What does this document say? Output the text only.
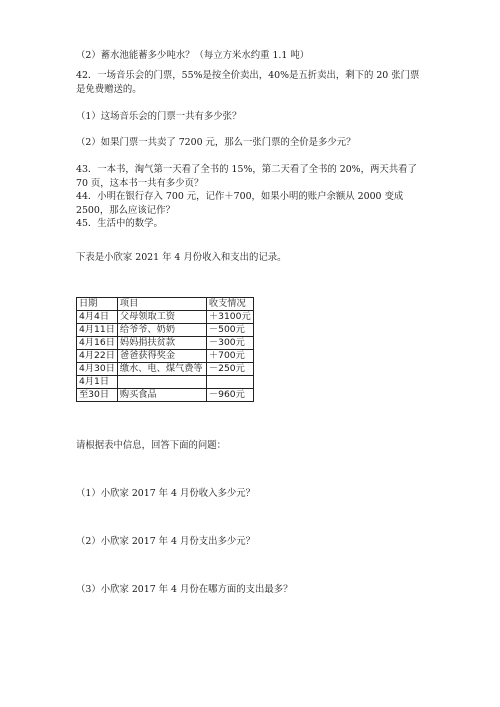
（2）蓄水池能蓄多少吨水？（每立方米水约重 1.1 吨）
42．一场音乐会的门票，55%是按全价卖出，40%是五折卖出，剩下的 20 张门票
是免费赠送的。
（1）这场音乐会的门票一共有多少张？
（2）如果门票一共卖了 7200 元，那么一张门票的全价是多少元？
43．一本书，淘气第一天看了全书的 15%，第二天看了全书的 20%，两天共看了
70 页，这本书一共有多少页？
44．小明在银行存入 700 元，记作＋700，如果小明的账户余额从 2000 变成
2500，那么应该记作？
45．生活中的数学。
下表是小欣家 2021 年 4 月份收入和支出的记录。
日期	项目	收支情况
4月4日	父母领取工资	＋3100元
4月11日	给爷爷、奶奶	－500元
4月16日	妈妈捐扶贫款	－300元
4月22日	爸爸获得奖金	＋700元
4月30日	缴水、电、煤气费等	－250元
4月1日		
至30日	购买食品	－960元
请根据表中信息，回答下面的问题：
（1）小欣家 2017 年 4 月份收入多少元？
（2）小欣家 2017 年 4 月份支出多少元？
（3）小欣家 2017 年 4 月份在哪方面的支出最多？
